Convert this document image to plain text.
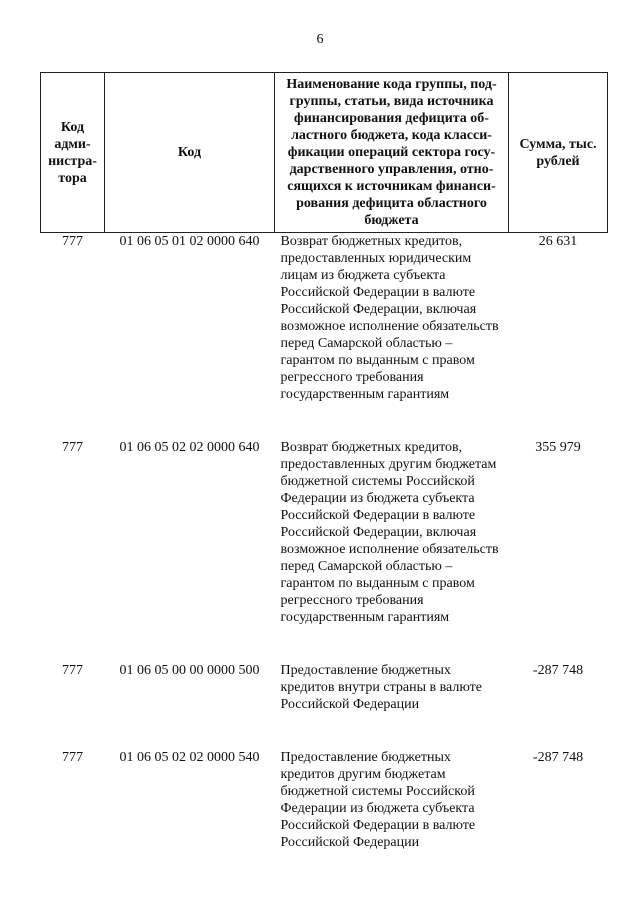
6
Код адми-нистра-тора	Код	Наименование кода группы, под-группы, статьи, вида источника финансирования дефицита об-ластного бюджета, кода класси-фикации операций сектора госу-дарственного управления, отно-сящихся к источникам финанси-рования дефицита областного бюджета	Сумма, тыс. рублей
777	01 06 05 01 02 0000 640	Возврат бюджетных кредитов, предоставленных юридическим лицам из бюджета субъекта Российской Федерации в валюте Российской Федерации, включая возможное исполнение обязательств перед Самарской областью – гарантом по выданным с правом регрессного требования государственным гарантиям	26 631
777	01 06 05 02 02 0000 640	Возврат бюджетных кредитов, предоставленных другим бюджетам бюджетной системы Российской Федерации из бюджета субъекта Российской Федерации в валюте Российской Федерации, включая возможное исполнение обязательств перед Самарской областью – гарантом по выданным с правом регрессного требования государственным гарантиям	355 979
777	01 06 05 00 00 0000 500	Предоставление бюджетных кредитов внутри страны в валюте Российской Федерации	-287 748
777	01 06 05 02 02 0000 540	Предоставление бюджетных кредитов другим бюджетам бюджетной системы Российской Федерации из бюджета субъекта Российской Федерации в валюте Российской Федерации	-287 748
